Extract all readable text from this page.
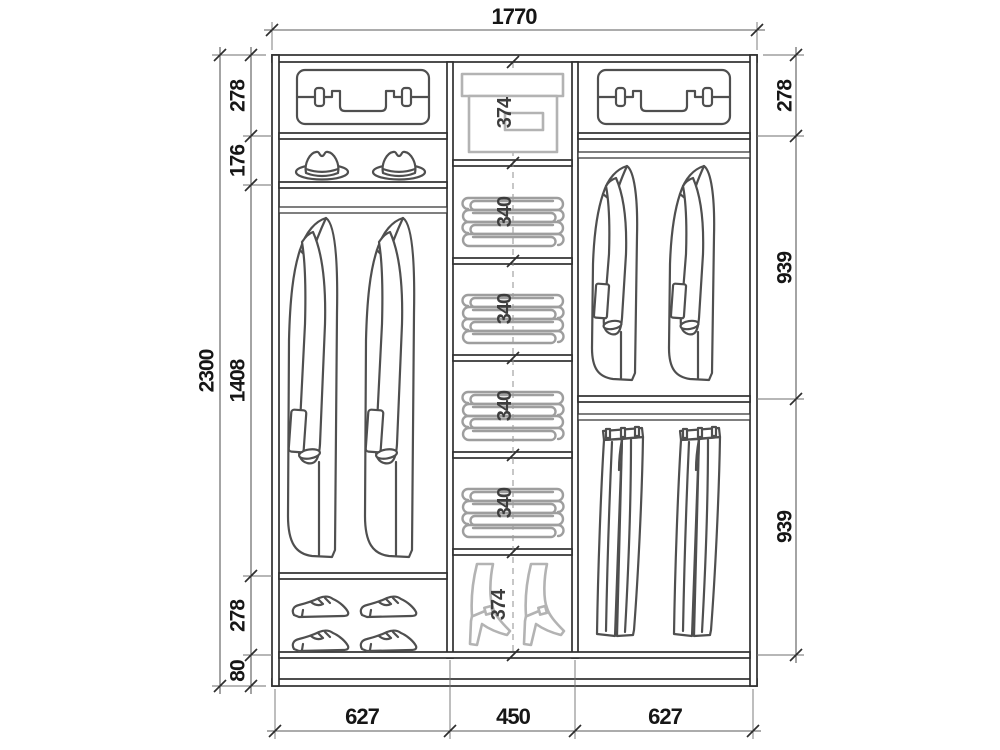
1770
2300
278
176
1408
278
80
278
939
939
627	450	627
374
340
340
340
340
374
